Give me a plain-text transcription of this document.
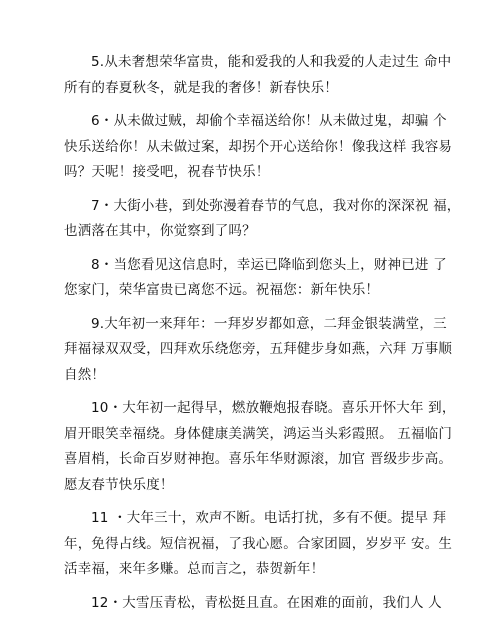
5.从未奢想荣华富贵，能和爱我的人和我爱的人走过生 命中
所有的春夏秋冬，就是我的奢侈！新春快乐！

6・从未做过贼，却偷个幸福送给你！从未做过鬼，却骗 个
快乐送给你！从未做过案，却拐个开心送给你！像我这样 我容易
吗？天呢！接受吧，祝春节快乐！

7・大街小巷，到处弥漫着春节的气息，我对你的深深祝 福，
也洒落在其中，你觉察到了吗？

8・当您看见这信息时，幸运已降临到您头上，财神已进 了
您家门，荣华富贵已离您不远。祝福您：新年快乐！

9.大年初一来拜年：一拜岁岁都如意，二拜金银装满堂，三
拜福禄双双受，四拜欢乐绕您旁，五拜健步身如燕，六拜 万事顺
自然！

10・大年初一起得早，燃放鞭炮报春晓。喜乐开怀大年 到，
眉开眼笑幸福绕。身体健康美满笑，鸿运当头彩霞照。 五福临门
喜眉梢，长命百岁财神抱。喜乐年华财源滚，加官 晋级步步高。
愿友春节快乐度！

11 ・大年三十，欢声不断。电话打扰，多有不便。提早 拜
年，免得占线。短信祝福，了我心愿。合家团圆，岁岁平 安。生
活幸福，来年多赚。总而言之，恭贺新年！

12・大雪压青松，青松挺且直。在困难的面前，我们人 人
